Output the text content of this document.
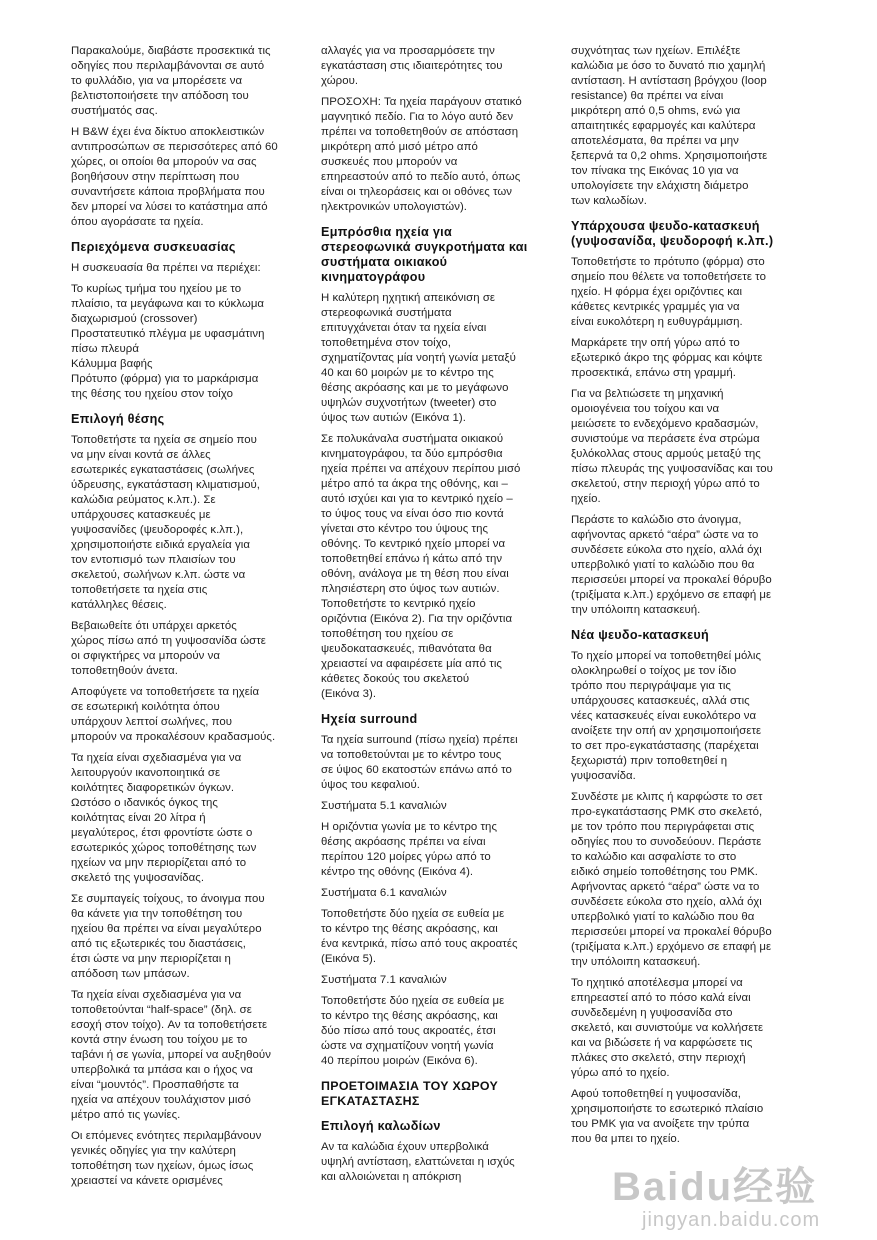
Παρακαλούμε, διαβάστε προσεκτικά τις
οδηγίες που περιλαμβάνονται σε αυτό
το φυλλάδιο, για να μπορέσετε να
βελτιστοποιήσετε την απόδοση του
συστήματός σας.

Η B&W έχει ένα δίκτυο αποκλειστικών
αντιπροσώπων σε περισσότερες από 60
χώρες, οι οποίοι θα μπορούν να σας
βοηθήσουν στην περίπτωση που
συναντήσετε κάποια προβλήματα που
δεν μπορεί να λύσει το κατάστημα από
όπου αγοράσατε τα ηχεία.

Περιεχόμενα συσκευασίας

Η συσκευασία θα πρέπει να περιέχει:

Το κυρίως τμήμα του ηχείου με το
πλαίσιο, τα μεγάφωνα και το κύκλωμα
διαχωρισμού (crossover)
Προστατευτικό πλέγμα με υφασμάτινη
πίσω πλευρά
Κάλυμμα βαφής
Πρότυπο (φόρμα) για το μαρκάρισμα
της θέσης του ηχείου στον τοίχο

Επιλογή θέσης

Τοποθετήστε τα ηχεία σε σημείο που
να μην είναι κοντά σε άλλες
εσωτερικές εγκαταστάσεις (σωλήνες
ύδρευσης, εγκατάσταση κλιματισμού,
καλώδια ρεύματος κ.λπ.). Σε
υπάρχουσες κατασκευές με
γυψοσανίδες (ψευδοροφές κ.λπ.),
χρησιμοποιήστε ειδικά εργαλεία για
τον εντοπισμό των πλαισίων του
σκελετού, σωλήνων κ.λπ. ώστε να
τοποθετήσετε τα ηχεία στις
κατάλληλες θέσεις.

Βεβαιωθείτε ότι υπάρχει αρκετός
χώρος πίσω από τη γυψοσανίδα ώστε
οι σφιγκτήρες να μπορούν να
τοποθετηθούν άνετα.

Αποφύγετε να τοποθετήσετε τα ηχεία
σε εσωτερική κοιλότητα όπου
υπάρχουν λεπτοί σωλήνες, που
μπορούν να προκαλέσουν κραδασμούς.

Τα ηχεία είναι σχεδιασμένα για να
λειτουργούν ικανοποιητικά σε
κοιλότητες διαφορετικών όγκων.
Ωστόσο ο ιδανικός όγκος της
κοιλότητας είναι 20 λίτρα ή
μεγαλύτερος, έτσι φροντίστε ώστε ο
εσωτερικός χώρος τοποθέτησης των
ηχείων να μην περιορίζεται από το
σκελετό της γυψοσανίδας.

Σε συμπαγείς τοίχους, το άνοιγμα που
θα κάνετε για την τοποθέτηση του
ηχείου θα πρέπει να είναι μεγαλύτερο
από τις εξωτερικές του διαστάσεις,
έτσι ώστε να μην περιορίζεται η
απόδοση των μπάσων.

Τα ηχεία είναι σχεδιασμένα για να
τοποθετούνται “half-space” (δηλ. σε
εσοχή στον τοίχο). Αν τα τοποθετήσετε
κοντά στην ένωση του τοίχου με το
ταβάνι ή σε γωνία, μπορεί να αυξηθούν
υπερβολικά τα μπάσα και ο ήχος να
είναι “μουντός”. Προσπαθήστε τα
ηχεία να απέχουν τουλάχιστον μισό
μέτρο από τις γωνίες.

Οι επόμενες ενότητες περιλαμβάνουν
γενικές οδηγίες για την καλύτερη
τοποθέτηση των ηχείων, όμως ίσως
χρειαστεί να κάνετε ορισμένες

αλλαγές για να προσαρμόσετε την
εγκατάσταση στις ιδιαιτερότητες του
χώρου.

ΠΡΟΣΟΧΗ: Τα ηχεία παράγουν στατικό
μαγνητικό πεδίο. Για το λόγο αυτό δεν
πρέπει να τοποθετηθούν σε απόσταση
μικρότερη από μισό μέτρο από
συσκευές που μπορούν να
επηρεαστούν από το πεδίο αυτό, όπως
είναι οι τηλεοράσεις και οι οθόνες των
ηλεκτρονικών υπολογιστών).

Εμπρόσθια ηχεία για
στερεοφωνικά συγκροτήματα και
συστήματα οικιακού
κινηματογράφου

Η καλύτερη ηχητική απεικόνιση σε
στερεοφωνικά συστήματα
επιτυγχάνεται όταν τα ηχεία είναι
τοποθετημένα στον τοίχο,
σχηματίζοντας μία νοητή γωνία μεταξύ
40 και 60 μοιρών με το κέντρο της
θέσης ακρόασης και με το μεγάφωνο
υψηλών συχνοτήτων (tweeter) στο
ύψος των αυτιών (Εικόνα 1).

Σε πολυκάναλα συστήματα οικιακού
κινηματογράφου, τα δύο εμπρόσθια
ηχεία πρέπει να απέχουν περίπου μισό
μέτρο από τα άκρα της οθόνης, και –
αυτό ισχύει και για το κεντρικό ηχείο –
το ύψος τους να είναι όσο πιο κοντά
γίνεται στο κέντρο του ύψους της
οθόνης. Το κεντρικό ηχείο μπορεί να
τοποθετηθεί επάνω ή κάτω από την
οθόνη, ανάλογα με τη θέση που είναι
πλησιέστερη στο ύψος των αυτιών.
Τοποθετήστε το κεντρικό ηχείο
οριζόντια (Εικόνα 2). Για την οριζόντια
τοποθέτηση του ηχείου σε
ψευδοκατασκευές, πιθανότατα θα
χρειαστεί να αφαιρέσετε μία από τις
κάθετες δοκούς του σκελετού
(Εικόνα 3).

Ηχεία surround

Τα ηχεία surround (πίσω ηχεία) πρέπει
να τοποθετούνται με το κέντρο τους
σε ύψος 60 εκατοστών επάνω από το
ύψος του κεφαλιού.

Συστήματα 5.1 καναλιών

Η οριζόντια γωνία με το κέντρο της
θέσης ακρόασης πρέπει να είναι
περίπου 120 μοίρες γύρω από το
κέντρο της οθόνης (Εικόνα 4).

Συστήματα 6.1 καναλιών

Τοποθετήστε δύο ηχεία σε ευθεία με
το κέντρο της θέσης ακρόασης, και
ένα κεντρικά, πίσω από τους ακροατές
(Εικόνα 5).

Συστήματα 7.1 καναλιών

Τοποθετήστε δύο ηχεία σε ευθεία με
το κέντρο της θέσης ακρόασης, και
δύο πίσω από τους ακροατές, έτσι
ώστε να σχηματίζουν νοητή γωνία
40 περίπου μοιρών (Εικόνα 6).

ΠΡΟΕΤΟΙΜΑΣΙΑ ΤΟΥ ΧΩΡΟΥ
ΕΓΚΑΤΑΣΤΑΣΗΣ
Επιλογή καλωδίων

Αν τα καλώδια έχουν υπερβολικά
υψηλή αντίσταση, ελαττώνεται η ισχύς
και αλλοιώνεται η απόκριση

συχνότητας των ηχείων. Επιλέξτε
καλώδια με όσο το δυνατό πιο χαμηλή
αντίσταση. Η αντίσταση βρόγχου (loop
resistance) θα πρέπει να είναι
μικρότερη από 0,5 ohms, ενώ για
απαιτητικές εφαρμογές και καλύτερα
αποτελέσματα, θα πρέπει να μην
ξεπερνά τα 0,2 ohms. Χρησιμοποιήστε
τον πίνακα της Εικόνας 10 για να
υπολογίσετε την ελάχιστη διάμετρο
των καλωδίων.

Υπάρχουσα ψευδο-κατασκευή
(γυψοσανίδα, ψευδοροφή κ.λπ.)

Τοποθετήστε το πρότυπο (φόρμα) στο
σημείο που θέλετε να τοποθετήσετε το
ηχείο. Η φόρμα έχει οριζόντιες και
κάθετες κεντρικές γραμμές για να
είναι ευκολότερη η ευθυγράμμιση.

Μαρκάρετε την οπή γύρω από το
εξωτερικό άκρο της φόρμας και κόψτε
προσεκτικά, επάνω στη γραμμή.

Για να βελτιώσετε τη μηχανική
ομοιογένεια του τοίχου και να
μειώσετε το ενδεχόμενο κραδασμών,
συνιστούμε να περάσετε ένα στρώμα
ξυλόκολλας στους αρμούς μεταξύ της
πίσω πλευράς της γυψοσανίδας και του
σκελετού, στην περιοχή γύρω από το
ηχείο.

Περάστε το καλώδιο στο άνοιγμα,
αφήνοντας αρκετό “αέρα” ώστε να το
συνδέσετε εύκολα στο ηχείο, αλλά όχι
υπερβολικό γιατί το καλώδιο που θα
περισσεύει μπορεί να προκαλεί θόρυβο
(τριξίματα κ.λπ.) ερχόμενο σε επαφή με
την υπόλοιπη κατασκευή.

Νέα ψευδο-κατασκευή

Το ηχείο μπορεί να τοποθετηθεί μόλις
ολοκληρωθεί ο τοίχος με τον ίδιο
τρόπο που περιγράψαμε για τις
υπάρχουσες κατασκευές, αλλά στις
νέες κατασκευές είναι ευκολότερο να
ανοίξετε την οπή αν χρησιμοποιήσετε
το σετ προ-εγκατάστασης (παρέχεται
ξεχωριστά) πριν τοποθετηθεί η
γυψοσανίδα.

Συνδέστε με κλιπς ή καρφώστε το σετ
προ-εγκατάστασης PMK στο σκελετό,
με τον τρόπο που περιγράφεται στις
οδηγίες που το συνοδεύουν. Περάστε
το καλώδιο και ασφαλίστε το στο
ειδικό σημείο τοποθέτησης του PMK.
Αφήνοντας αρκετό “αέρα” ώστε να το
συνδέσετε εύκολα στο ηχείο, αλλά όχι
υπερβολικό γιατί το καλώδιο που θα
περισσεύει μπορεί να προκαλεί θόρυβο
(τριξίματα κ.λπ.) ερχόμενο σε επαφή με
την υπόλοιπη κατασκευή.

Το ηχητικό αποτέλεσμα μπορεί να
επηρεαστεί από το πόσο καλά είναι
συνδεδεμένη η γυψοσανίδα στο
σκελετό, και συνιστούμε να κολλήσετε
και να βιδώσετε ή να καρφώσετε τις
πλάκες στο σκελετό, στην περιοχή
γύρω από το ηχείο.

Αφού τοποθετηθεί η γυψοσανίδα,
χρησιμοποιήστε το εσωτερικό πλαίσιο
του PMK για να ανοίξετε την τρύπα
που θα μπει το ηχείο.

Baidu经验
jingyan.baidu.com
